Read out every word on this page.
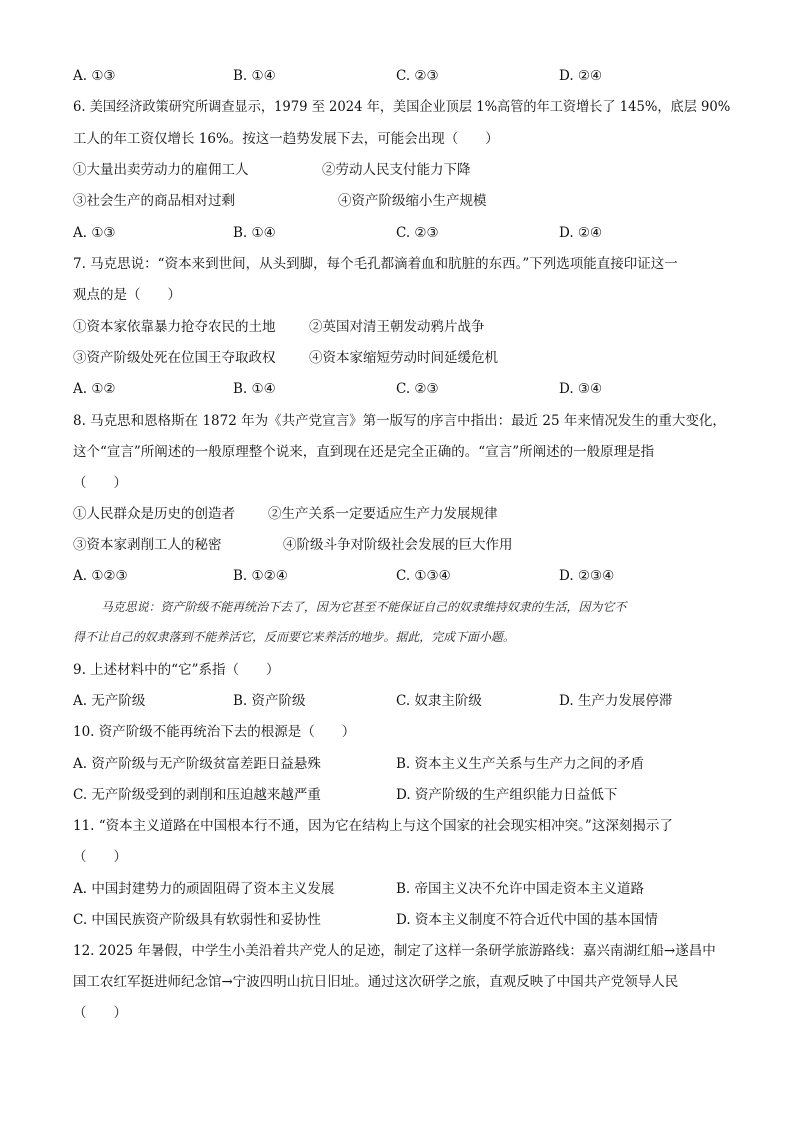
A. ①③	B. ①④	C. ②③	D. ②④
6. 美国经济政策研究所调查显示，1979 至 2024 年，美国企业顶层 1%高管的年工资增长了 145%，底层 90%
工人的年工资仅增长 16%。按这一趋势发展下去，可能会出现（　　）
①大量出卖劳动力的雇佣工人	②劳动人民支付能力下降
③社会生产的商品相对过剩	④资产阶级缩小生产规模
A. ①③	B. ①④	C. ②③	D. ②④
7. 马克思说：“资本来到世间，从头到脚，每个毛孔都滴着血和肮脏的东西。”下列选项能直接印证这一
观点的是（　　）
①资本家依靠暴力抢夺农民的土地 ②英国对清王朝发动鸦片战争
③资产阶级处死在位国王夺取政权 ④资本家缩短劳动时间延缓危机
A. ①②	B. ①④	C. ②③	D. ③④
8. 马克思和恩格斯在 1872 年为《共产党宣言》第一版写的序言中指出：最近 25 年来情况发生的重大变化，
这个“宣言”所阐述的一般原理整个说来，直到现在还是完全正确的。“宣言”所阐述的一般原理是指
（　　）
①人民群众是历史的创造者 ②生产关系一定要适应生产力发展规律
③资本家剥削工人的秘密	④阶级斗争对阶级社会发展的巨大作用
A. ①②③	B. ①②④	C. ①③④	D. ②③④
马克思说：资产阶级不能再统治下去了，因为它甚至不能保证自己的奴隶维持奴隶的生活，因为它不
得不让自己的奴隶落到不能养活它，反而要它来养活的地步。据此，完成下面小题。
9. 上述材料中的“它”系指（　　）
A. 无产阶级	B. 资产阶级	C. 奴隶主阶级	D. 生产力发展停滞
10. 资产阶级不能再统治下去的根源是（　　）
A. 资产阶级与无产阶级贫富差距日益悬殊	B. 资本主义生产关系与生产力之间的矛盾
C. 无产阶级受到的剥削和压迫越来越严重	D. 资产阶级的生产组织能力日益低下
11. “资本主义道路在中国根本行不通，因为它在结构上与这个国家的社会现实相冲突。”这深刻揭示了
（　　）
A. 中国封建势力的顽固阻碍了资本主义发展	B. 帝国主义决不允许中国走资本主义道路
C. 中国民族资产阶级具有软弱性和妥协性	D. 资本主义制度不符合近代中国的基本国情
12. 2025 年暑假，中学生小美沿着共产党人的足迹，制定了这样一条研学旅游路线：嘉兴南湖红船→遂昌中
国工农红军挺进师纪念馆→宁波四明山抗日旧址。通过这次研学之旅，直观反映了中国共产党领导人民
（　　）
